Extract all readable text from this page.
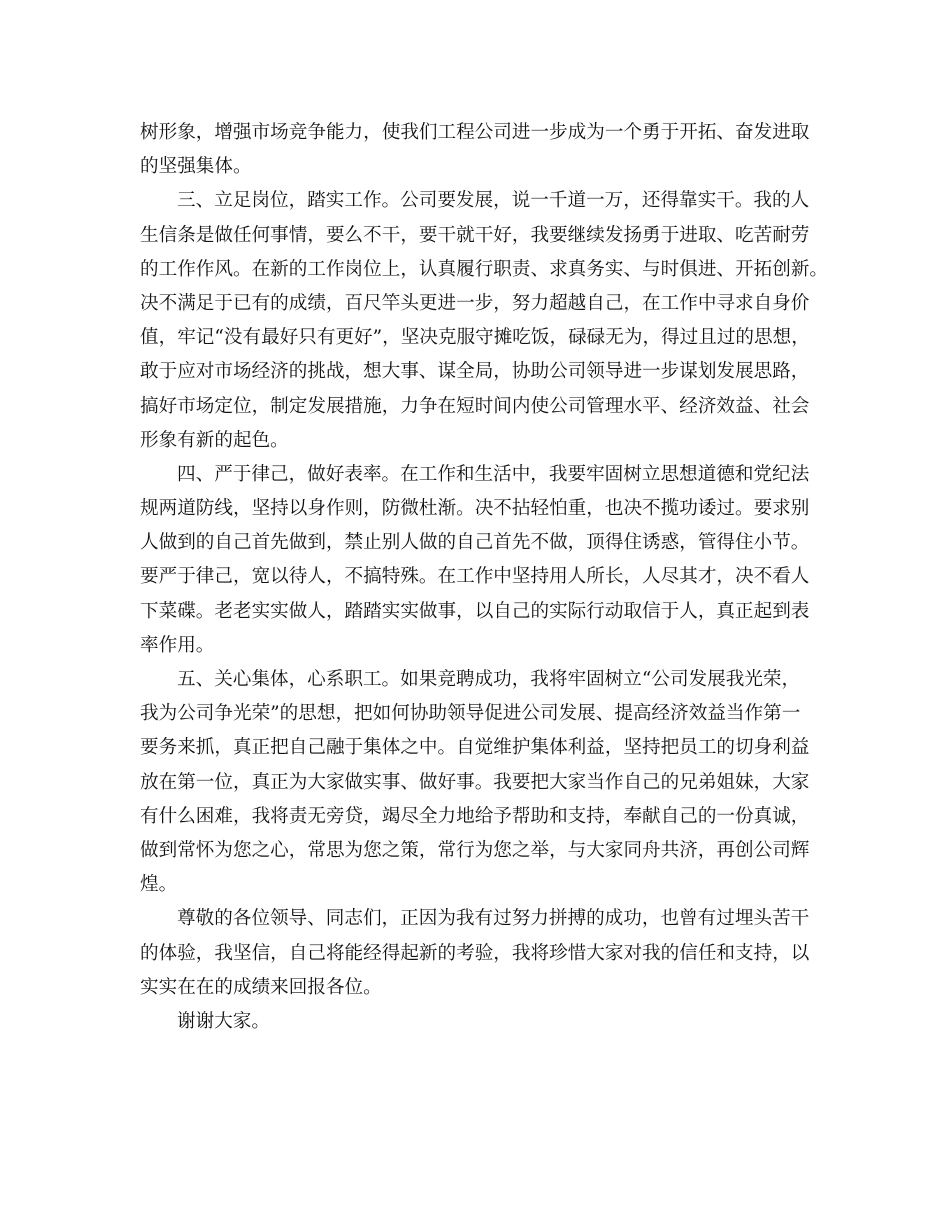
树形象，增强市场竞争能力，使我们工程公司进一步成为一个勇于开拓、奋发进取
的坚强集体。
三、立足岗位，踏实工作。公司要发展，说一千道一万，还得靠实干。我的人
生信条是做任何事情，要么不干，要干就干好，我要继续发扬勇于进取、吃苦耐劳
的工作作风。在新的工作岗位上，认真履行职责、求真务实、与时俱进、开拓创新。
决不满足于已有的成绩，百尺竿头更进一步，努力超越自己，在工作中寻求自身价
值，牢记“没有最好只有更好”，坚决克服守摊吃饭，碌碌无为，得过且过的思想，
敢于应对市场经济的挑战，想大事、谋全局，协助公司领导进一步谋划发展思路，
搞好市场定位，制定发展措施，力争在短时间内使公司管理水平、经济效益、社会
形象有新的起色。
四、严于律己，做好表率。在工作和生活中，我要牢固树立思想道德和党纪法
规两道防线，坚持以身作则，防微杜渐。决不拈轻怕重，也决不揽功诿过。要求别
人做到的自己首先做到，禁止别人做的自己首先不做，顶得住诱惑，管得住小节。
要严于律己，宽以待人，不搞特殊。在工作中坚持用人所长，人尽其才，决不看人
下菜碟。老老实实做人，踏踏实实做事，以自己的实际行动取信于人，真正起到表
率作用。
五、关心集体，心系职工。如果竞聘成功，我将牢固树立“公司发展我光荣，
我为公司争光荣”的思想，把如何协助领导促进公司发展、提高经济效益当作第一
要务来抓，真正把自己融于集体之中。自觉维护集体利益，坚持把员工的切身利益
放在第一位，真正为大家做实事、做好事。我要把大家当作自己的兄弟姐妹，大家
有什么困难，我将责无旁贷，竭尽全力地给予帮助和支持，奉献自己的一份真诚，
做到常怀为您之心，常思为您之策，常行为您之举，与大家同舟共济，再创公司辉
煌。
尊敬的各位领导、同志们，正因为我有过努力拼搏的成功，也曾有过埋头苦干
的体验，我坚信，自己将能经得起新的考验，我将珍惜大家对我的信任和支持，以
实实在在的成绩来回报各位。
谢谢大家。
